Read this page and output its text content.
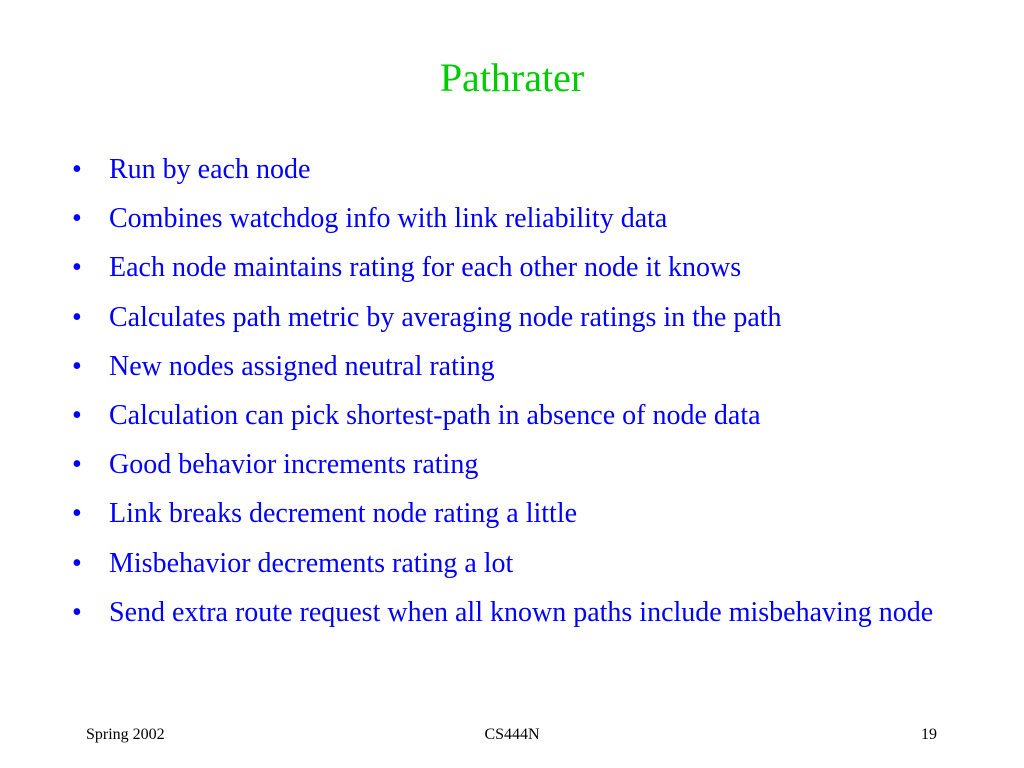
Pathrater
• Run by each node
• Combines watchdog info with link reliability data
• Each node maintains rating for each other node it knows
• Calculates path metric by averaging node ratings in the path
• New nodes assigned neutral rating
• Calculation can pick shortest-path in absence of node data
• Good behavior increments rating
• Link breaks decrement node rating a little
• Misbehavior decrements rating a lot
• Send extra route request when all known paths include misbehaving node
Spring 2002	CS444N	19
